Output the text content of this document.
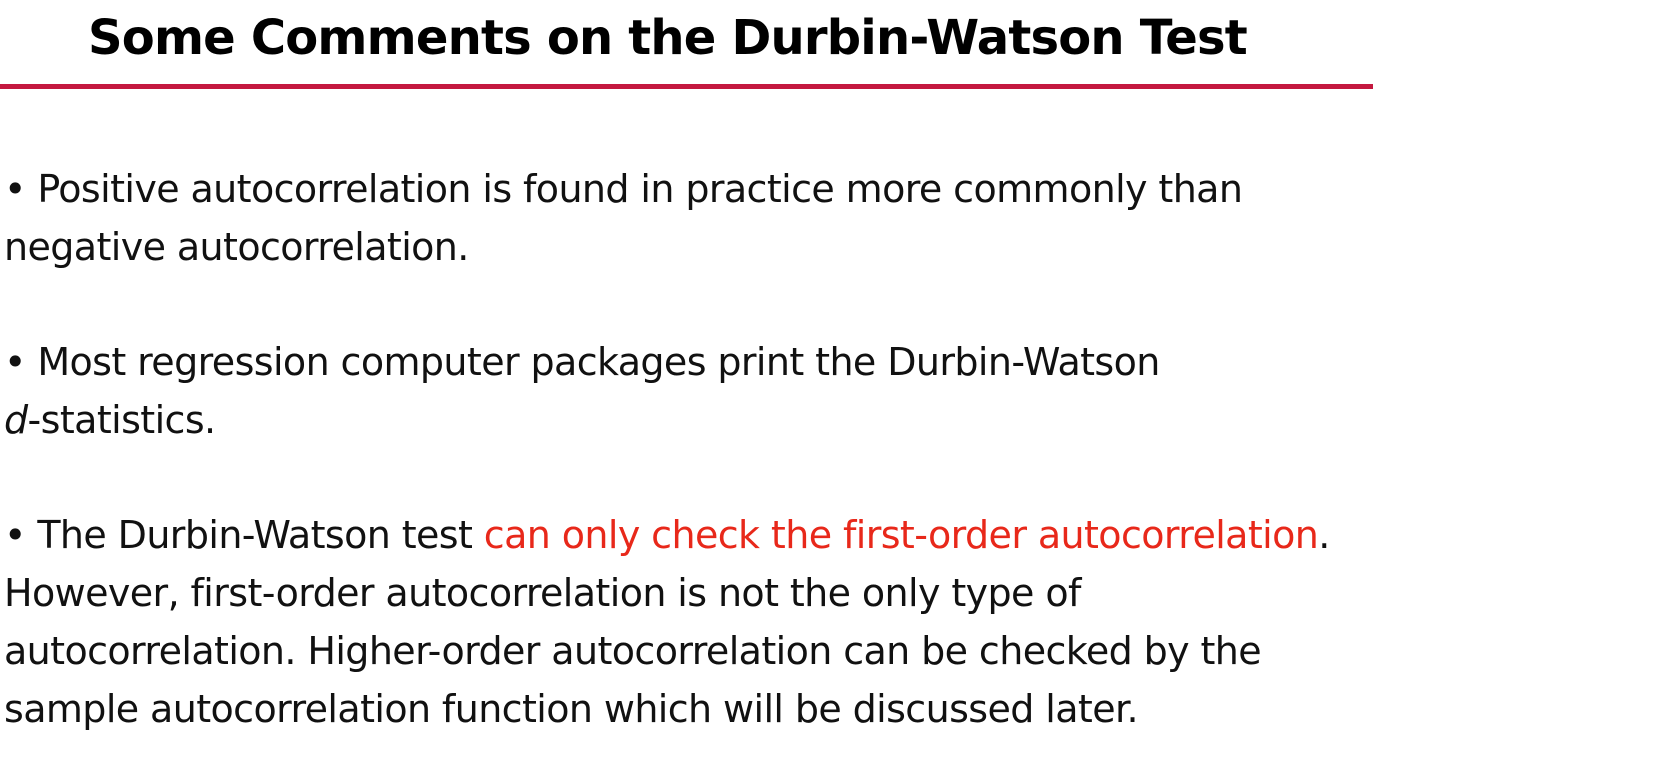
Some Comments on the Durbin-Watson Test

• Positive autocorrelation is found in practice more commonly than negative autocorrelation.

• Most regression computer packages print the Durbin-Watson
d-statistics.

• The Durbin-Watson test can only check the first-order autocorrelation. However, first-order autocorrelation is not the only type of autocorrelation. Higher-order autocorrelation can be checked by the sample autocorrelation function which will be discussed later.
